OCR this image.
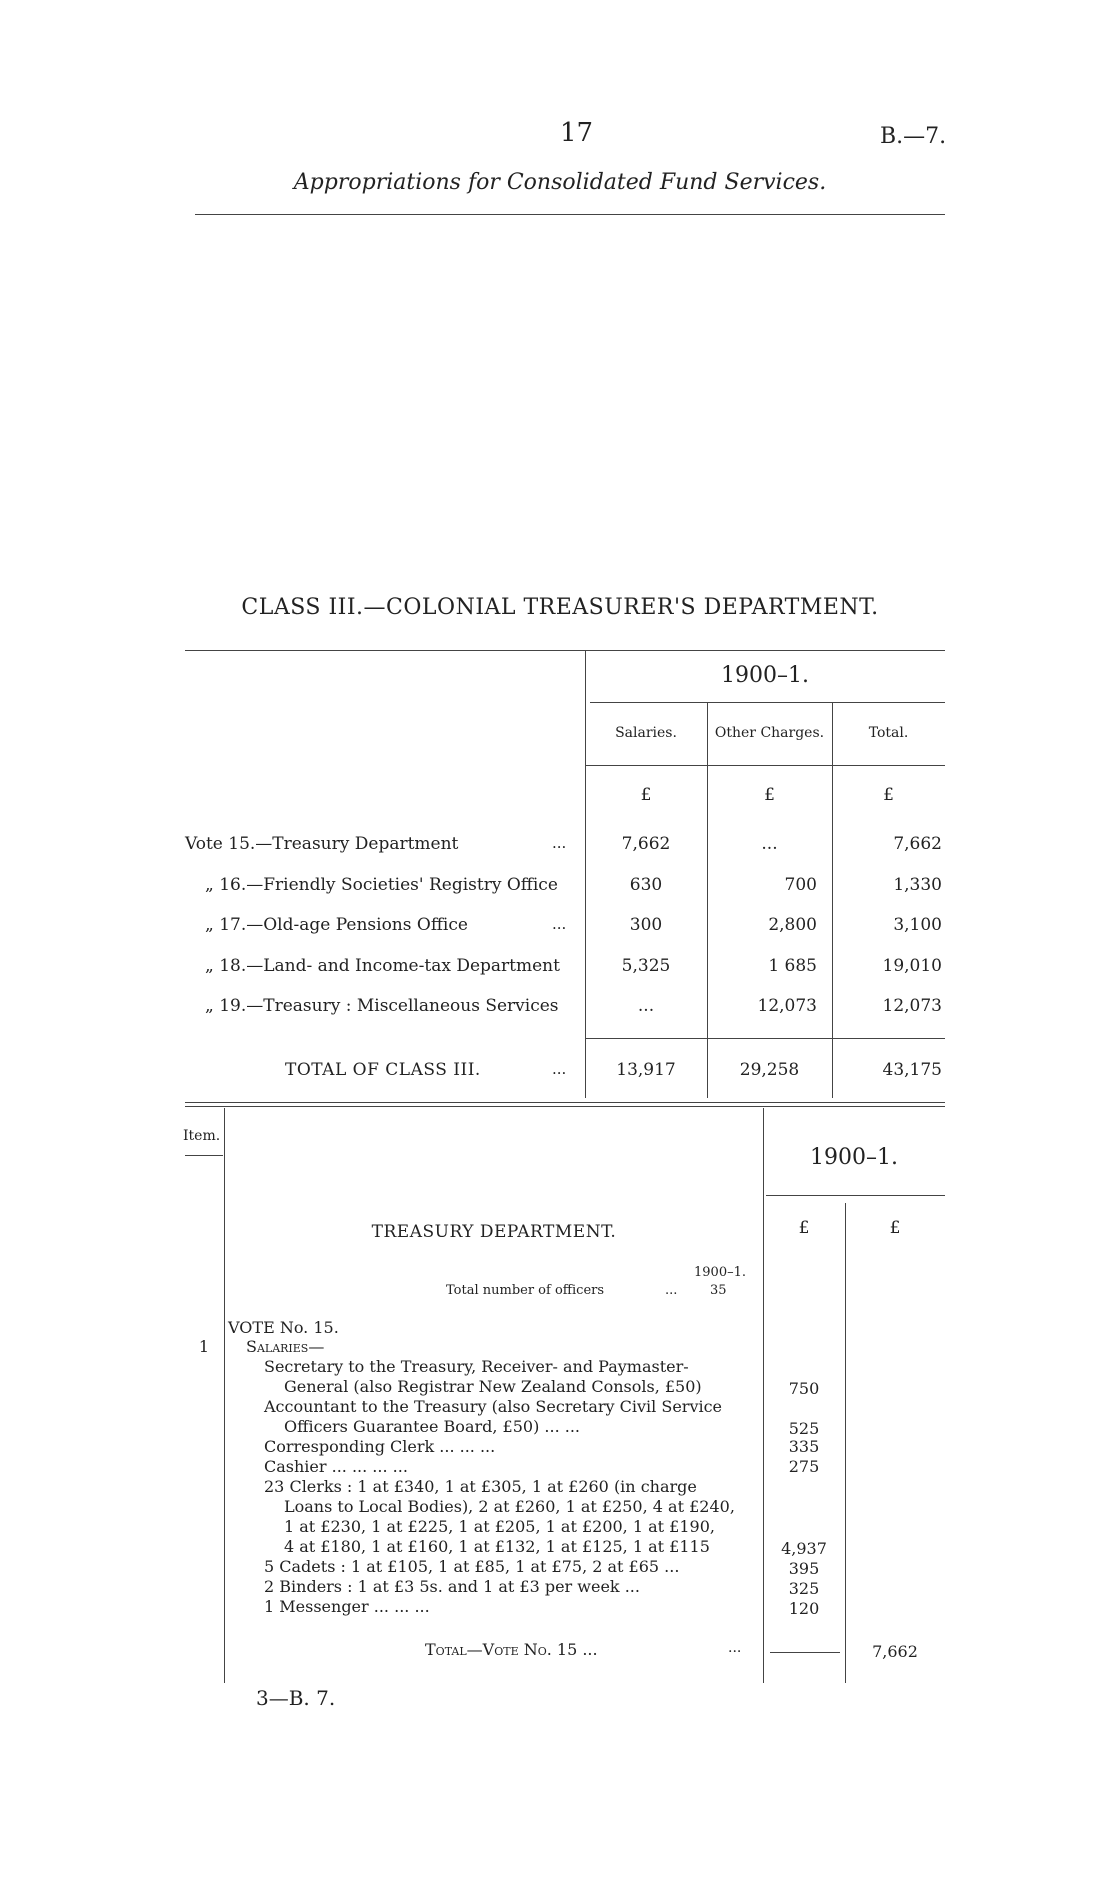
17	B.—7.
Appropriations for Consolidated Fund Services.
CLASS III.—COLONIAL TREASURER'S DEPARTMENT.
1900–1.
Salaries.	Other Charges.	Total.
£	£	£
Vote 15.—Treasury Department	...	7,662	...	7,662
„ 16.—Friendly Societies' Registry Office	630	700	1,330
„ 17.—Old-age Pensions Office	...	300	2,800	3,100
„ 18.—Land- and Income-tax Department	5,325	1 685	19,010
„ 19.—Treasury : Miscellaneous Services	...	12,073	12,073
TOTAL OF CLASS III.	...	13,917	29,258	43,175
Item.
1900–1.
£	£
TREASURY DEPARTMENT.
1900–1.
Total number of officers	...	35
VOTE No. 15.
1	Salaries—
Secretary to the Treasury, Receiver- and Paymaster-
General (also Registrar New Zealand Consols, £50)	750
Accountant to the Treasury (also Secretary Civil Service
Officers Guarantee Board, £50) ... ...	525
Corresponding Clerk ... ... ...	335
Cashier ... ... ... ...	275
23 Clerks : 1 at £340, 1 at £305, 1 at £260 (in charge
Loans to Local Bodies), 2 at £260, 1 at £250, 4 at £240,
1 at £230, 1 at £225, 1 at £205, 1 at £200, 1 at £190,
4 at £180, 1 at £160, 1 at £132, 1 at £125, 1 at £115	4,937
5 Cadets : 1 at £105, 1 at £85, 1 at £75, 2 at £65 ...	395
2 Binders : 1 at £3 5s. and 1 at £3 per week ...	325
1 Messenger ... ... ...	120
Total—Vote No. 15 ...	...	7,662
3—B. 7.
